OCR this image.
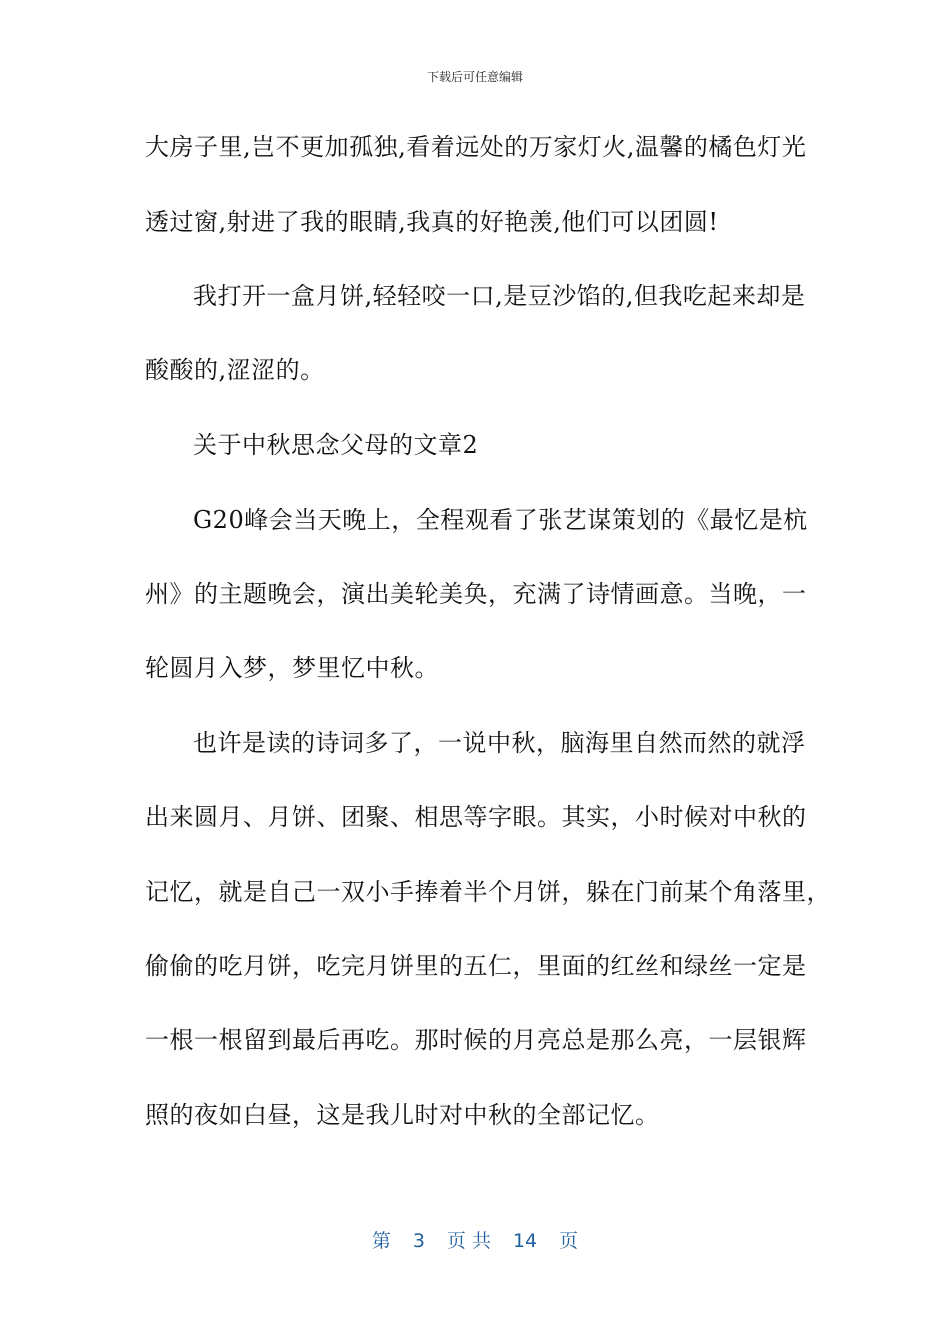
下载后可任意编辑
大房子里,岂不更加孤独,看着远处的万家灯火,温馨的橘色灯光
透过窗,射进了我的眼睛,我真的好艳羡,他们可以团圆!
我打开一盒月饼,轻轻咬一口,是豆沙馅的,但我吃起来却是
酸酸的,涩涩的。
关于中秋思念父母的文章2
G20峰会当天晚上，全程观看了张艺谋策划的《最忆是杭
州》的主题晚会，演出美轮美奂，充满了诗情画意。当晚，一
轮圆月入梦，梦里忆中秋。
也许是读的诗词多了，一说中秋，脑海里自然而然的就浮
出来圆月、月饼、团聚、相思等字眼。其实，小时候对中秋的
记忆，就是自己一双小手捧着半个月饼，躲在门前某个角落里，
偷偷的吃月饼，吃完月饼里的五仁，里面的红丝和绿丝一定是
一根一根留到最后再吃。那时候的月亮总是那么亮，一层银辉
照的夜如白昼，这是我儿时对中秋的全部记忆。
第 3 页 共 14 页
